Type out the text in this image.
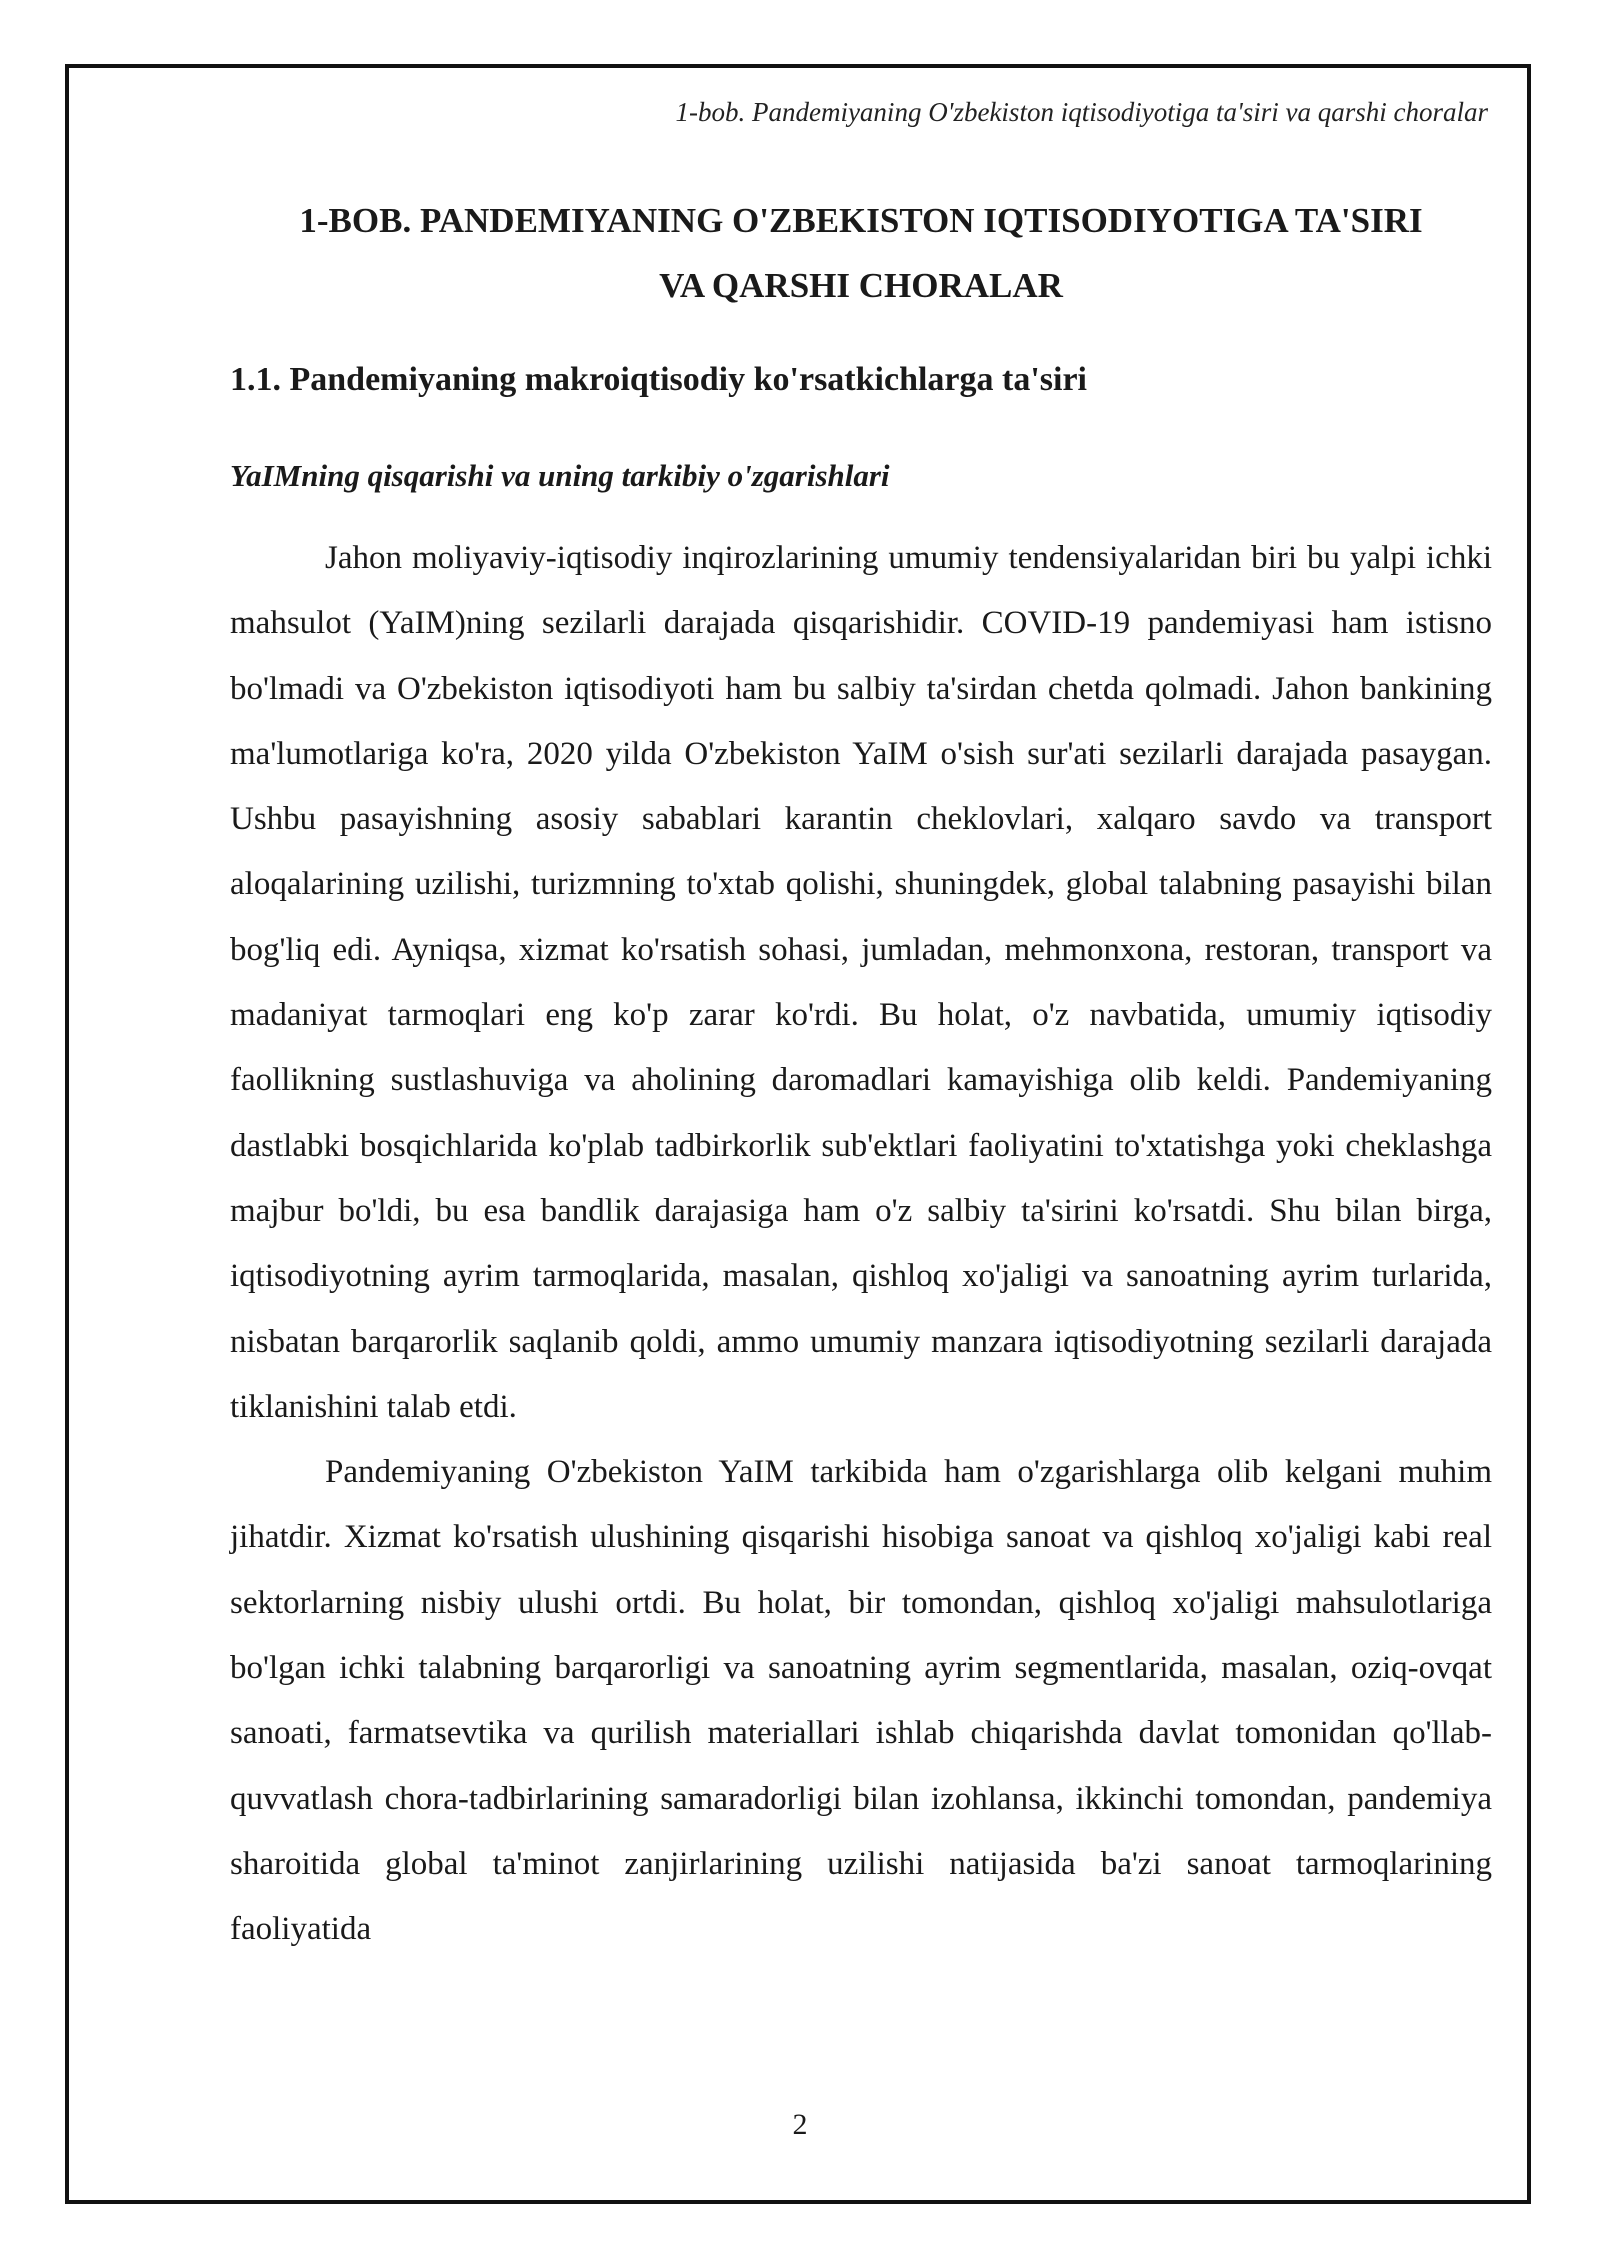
1-bob. Pandemiyaning O'zbekiston iqtisodiyotiga ta'siri va qarshi choralar
1-BOB. PANDEMIYANING O'ZBEKISTON IQTISODIYOTIGA TA'SIRI
VA QARSHI CHORALAR
1.1. Pandemiyaning makroiqtisodiy ko'rsatkichlarga ta'siri
YaIMning qisqarishi va uning tarkibiy o'zgarishlari

Jahon moliyaviy-iqtisodiy inqirozlarining umumiy tendensiyalaridan biri bu yalpi ichki mahsulot (YaIM)ning sezilarli darajada qisqarishidir. COVID-19 pandemiyasi ham istisno bo'lmadi va O'zbekiston iqtisodiyoti ham bu salbiy ta'sirdan chetda qolmadi. Jahon bankining ma'lumotlariga ko'ra, 2020 yilda O'zbekiston YaIM o'sish sur'ati sezilarli darajada pasaygan. Ushbu pasayishning asosiy sabablari karantin cheklovlari, xalqaro savdo va transport aloqalarining uzilishi, turizmning to'xtab qolishi, shuningdek, global talabning pasayishi bilan bog'liq edi. Ayniqsa, xizmat ko'rsatish sohasi, jumladan, mehmonxona, restoran, transport va madaniyat tarmoqlari eng ko'p zarar ko'rdi. Bu holat, o'z navbatida, umumiy iqtisodiy faollikning sustlashuviga va aholining daromadlari kamayishiga olib keldi. Pandemiyaning dastlabki bosqichlarida ko'plab tadbirkorlik sub'ektlari faoliyatini to'xtatishga yoki cheklashga majbur bo'ldi, bu esa bandlik darajasiga ham o'z salbiy ta'sirini ko'rsatdi. Shu bilan birga, iqtisodiyotning ayrim tarmoqlarida, masalan, qishloq xo'jaligi va sanoatning ayrim turlarida, nisbatan barqarorlik saqlanib qoldi, ammo umumiy manzara iqtisodiyotning sezilarli darajada tiklanishini talab etdi.

Pandemiyaning O'zbekiston YaIM tarkibida ham o'zgarishlarga olib kelgani muhim jihatdir. Xizmat ko'rsatish ulushining qisqarishi hisobiga sanoat va qishloq xo'jaligi kabi real sektorlarning nisbiy ulushi ortdi. Bu holat, bir tomondan, qishloq xo'jaligi mahsulotlariga bo'lgan ichki talabning barqarorligi va sanoatning ayrim segmentlarida, masalan, oziq-ovqat sanoati, farmatsevtika va qurilish materiallari ishlab chiqarishda davlat tomonidan qo'llab-quvvatlash chora-tadbirlarining samaradorligi bilan izohlansa, ikkinchi tomondan, pandemiya sharoitida global ta'minot zanjirlarining uzilishi natijasida ba'zi sanoat tarmoqlarining faoliyatida

2
